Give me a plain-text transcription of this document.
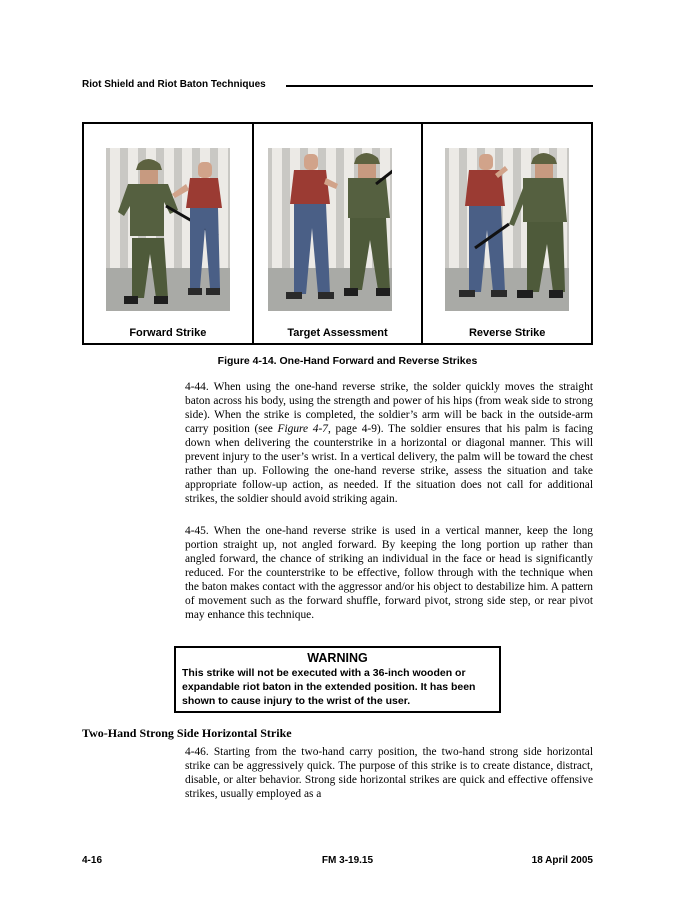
Riot Shield and Riot Baton Techniques
Forward Strike	Target Assessment	Reverse Strike
Figure 4-14. One-Hand Forward and Reverse Strikes

4-44. When using the one-hand reverse strike, the solder quickly moves the straight baton across his body, using the strength and power of his hips (from weak side to strong side). When the strike is completed, the soldier’s arm will be back in the outside-arm carry position (see Figure 4-7, page 4-9). The soldier ensures that his palm is facing down when delivering the counterstrike in a horizontal or diagonal manner. This will prevent injury to the user’s wrist. In a vertical delivery, the palm will be toward the chest rather than up. Following the one-hand reverse strike, assess the situation and take appropriate follow-up action, as needed. If the situation does not call for additional strikes, the soldier should avoid striking again.

4-45. When the one-hand reverse strike is used in a vertical manner, keep the long portion straight up, not angled forward. By keeping the long portion up rather than angled forward, the chance of striking an individual in the face or head is significantly reduced. For the counterstrike to be effective, follow through with the technique when the baton makes contact with the aggressor and/or his object to destabilize him. A pattern of movement such as the forward shuffle, forward pivot, strong side step, or rear pivot may enhance this technique.

WARNING
This strike will not be executed with a 36-inch wooden or expandable riot baton in the extended position. It has been shown to cause injury to the wrist of the user.
Two-Hand Strong Side Horizontal Strike

4-46. Starting from the two-hand carry position, the two-hand strong side horizontal strike can be aggressively quick. The purpose of this strike is to create distance, distract, disable, or alter behavior. Strong side horizontal strikes are quick and effective offensive strikes, usually employed as a

4-16	FM 3-19.15	18 April 2005
